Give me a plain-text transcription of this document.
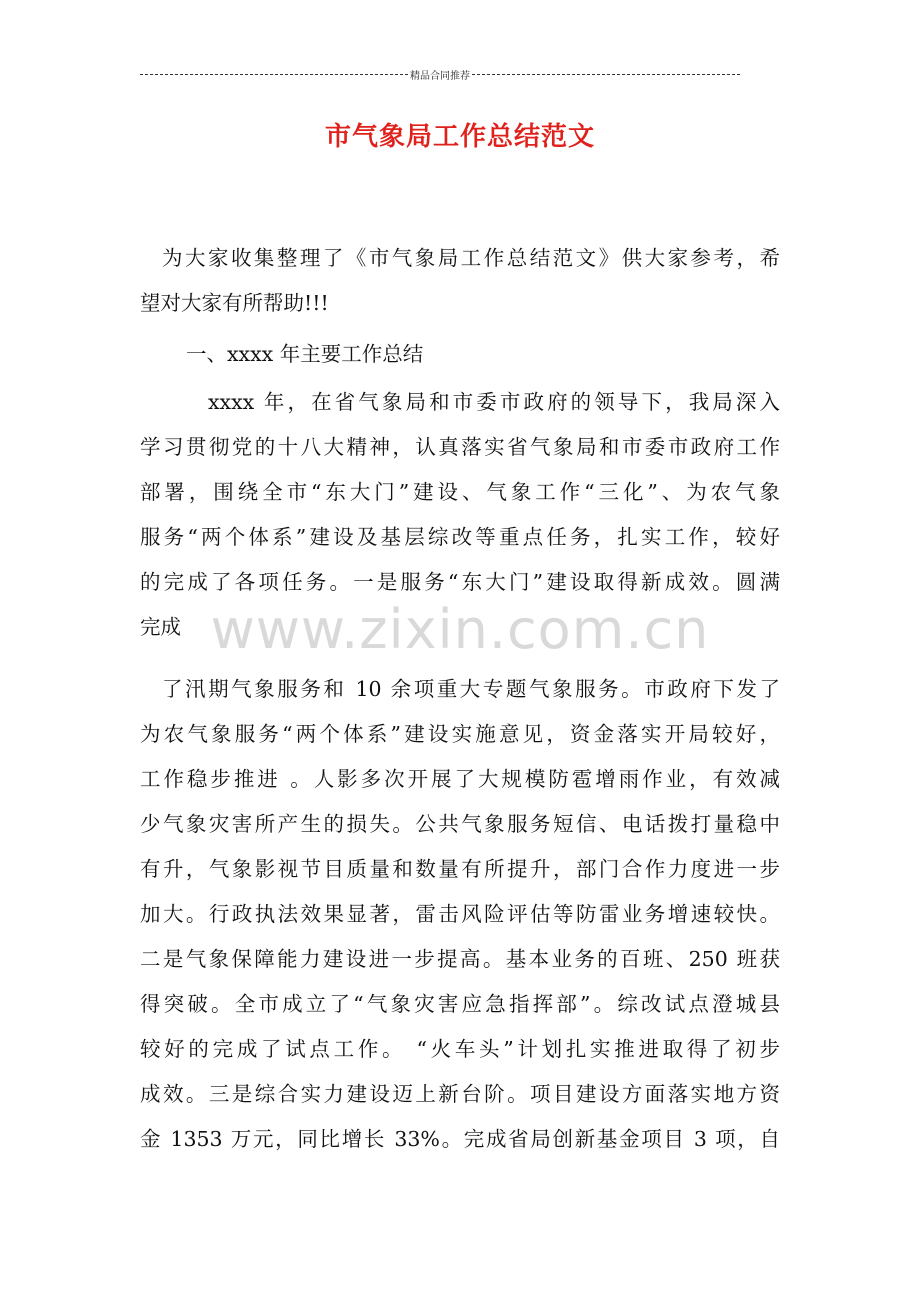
精品合同推荐
市气象局工作总结范文
www.zixin.com.cn
为大家收集整理了《市气象局工作总结范文》供大家参考，希
望对大家有所帮助!!!
一、xxxx 年主要工作总结
xxxx 年，在省气象局和市委市政府的领导下，我局深入
学习贯彻党的十八大精神，认真落实省气象局和市委市政府工作
部署，围绕全市“东大门”建设、气象工作“三化”、为农气象
服务“两个体系”建设及基层综改等重点任务，扎实工作，较好
的完成了各项任务。一是服务“东大门”建设取得新成效。圆满
完成
了汛期气象服务和 10 余项重大专题气象服务。市政府下发了
为农气象服务“两个体系”建设实施意见，资金落实开局较好，
工作稳步推进 。人影多次开展了大规模防雹增雨作业，有效减
少气象灾害所产生的损失。公共气象服务短信、电话拨打量稳中
有升，气象影视节目质量和数量有所提升，部门合作力度进一步
加大。行政执法效果显著，雷击风险评估等防雷业务增速较快。
二是气象保障能力建设进一步提高。基本业务的百班、250 班获
得突破。全市成立了“气象灾害应急指挥部”。综改试点澄城县
较好的完成了试点工作。 “火车头”计划扎实推进取得了初步
成效。三是综合实力建设迈上新台阶。项目建设方面落实地方资
金 1353 万元，同比增长 33%。完成省局创新基金项目 3 项，自
